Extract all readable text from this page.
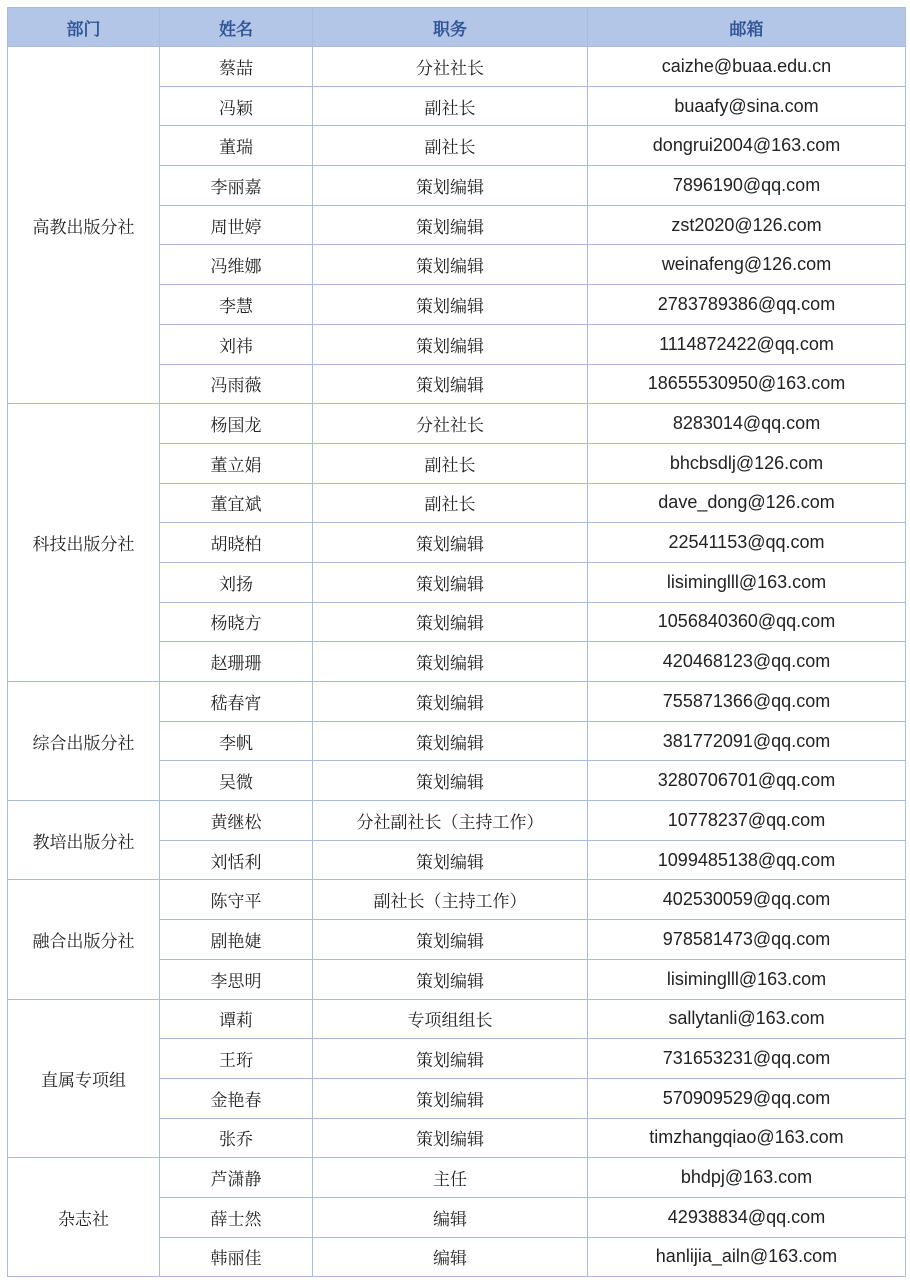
部门	姓名	职务	邮箱
高教出版分社	蔡喆	分社社长	caizhe@buaa.edu.cn
	冯颖	副社长	buaafy@sina.com
	董瑞	副社长	dongrui2004@163.com
	李丽嘉	策划编辑	7896190@qq.com
	周世婷	策划编辑	zst2020@126.com
	冯维娜	策划编辑	weinafeng@126.com
	李慧	策划编辑	2783789386@qq.com
	刘祎	策划编辑	1114872422@qq.com
	冯雨薇	策划编辑	18655530950@163.com
科技出版分社	杨国龙	分社社长	8283014@qq.com
	董立娟	副社长	bhcbsdlj@126.com
	董宜斌	副社长	dave_dong@126.com
	胡晓柏	策划编辑	22541153@qq.com
	刘扬	策划编辑	lisiminglll@163.com
	杨晓方	策划编辑	1056840360@qq.com
	赵珊珊	策划编辑	420468123@qq.com
综合出版分社	嵇春宵	策划编辑	755871366@qq.com
	李帆	策划编辑	381772091@qq.com
	吴微	策划编辑	3280706701@qq.com
教培出版分社	黄继松	分社副社长（主持工作）	10778237@qq.com
	刘恬利	策划编辑	1099485138@qq.com
融合出版分社	陈守平	副社长（主持工作）	402530059@qq.com
	剧艳婕	策划编辑	978581473@qq.com
	李思明	策划编辑	lisiminglll@163.com
直属专项组	谭莉	专项组组长	sallytanli@163.com
	王珩	策划编辑	731653231@qq.com
	金艳春	策划编辑	570909529@qq.com
	张乔	策划编辑	timzhangqiao@163.com
杂志社	芦潇静	主任	bhdpj@163.com
	薛士然	编辑	42938834@qq.com
	韩丽佳	编辑	hanlijia_ailn@163.com
